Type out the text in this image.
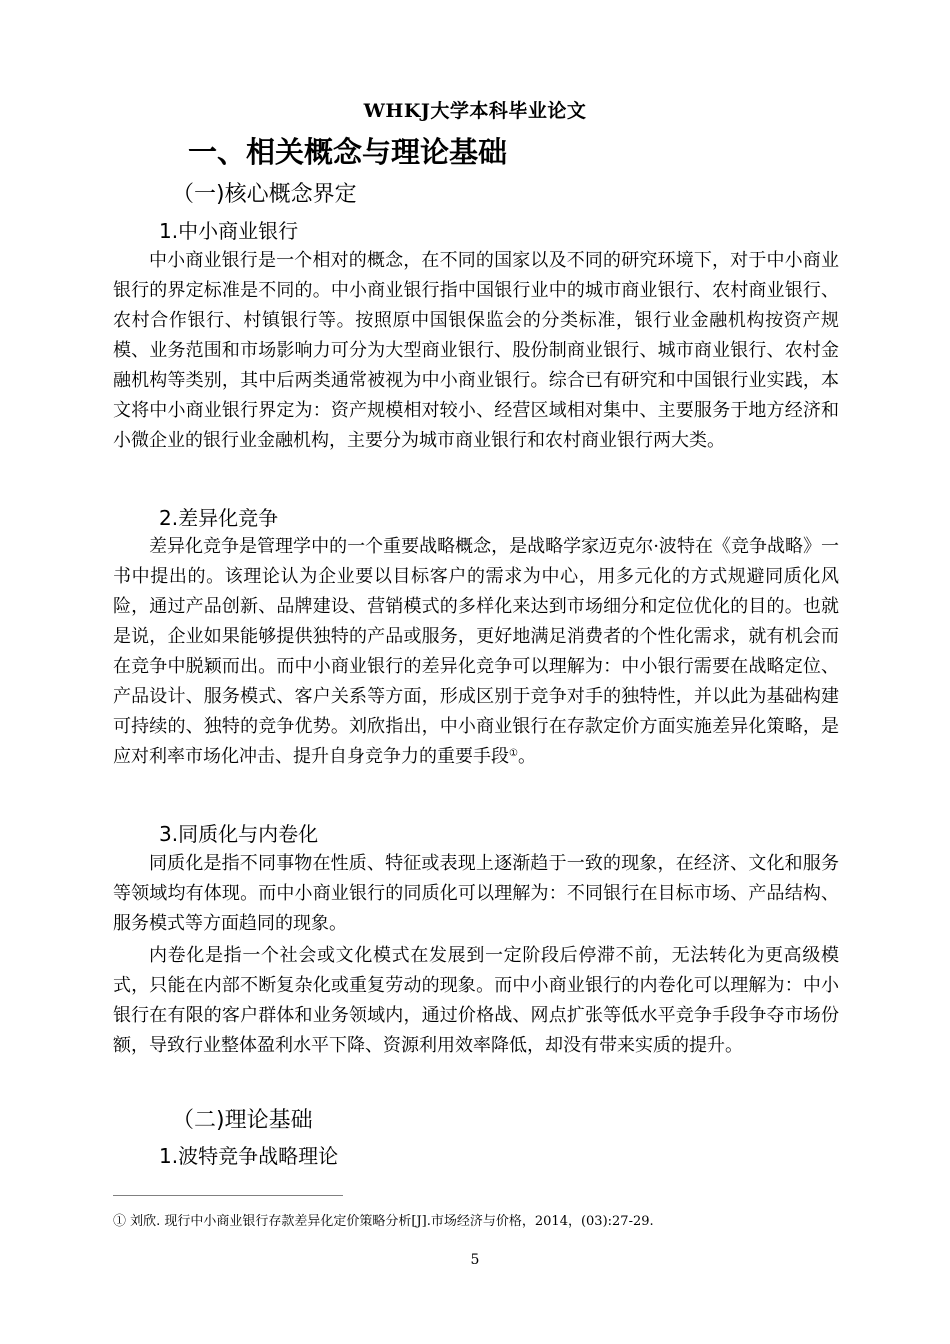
WHKJ大学本科毕业论文
一、相关概念与理论基础
（一)核心概念界定
1.中小商业银行

中小商业银行是一个相对的概念，在不同的国家以及不同的研究环境下，对于中小商业银行的界定标准是不同的。中小商业银行指中国银行业中的城市商业银行、农村商业银行、农村合作银行、村镇银行等。按照原中国银保监会的分类标准，银行业金融机构按资产规模、业务范围和市场影响力可分为大型商业银行、股份制商业银行、城市商业银行、农村金融机构等类别，其中后两类通常被视为中小商业银行。综合已有研究和中国银行业实践，本文将中小商业银行界定为：资产规模相对较小、经营区域相对集中、主要服务于地方经济和小微企业的银行业金融机构，主要分为城市商业银行和农村商业银行两大类。

2.差异化竞争

差异化竞争是管理学中的一个重要战略概念，是战略学家迈克尔·波特在《竞争战略》一书中提出的。该理论认为企业要以目标客户的需求为中心，用多元化的方式规避同质化风险，通过产品创新、品牌建设、营销模式的多样化来达到市场细分和定位优化的目的。也就是说，企业如果能够提供独特的产品或服务，更好地满足消费者的个性化需求，就有机会而在竞争中脱颖而出。而中小商业银行的差异化竞争可以理解为：中小银行需要在战略定位、产品设计、服务模式、客户关系等方面，形成区别于竞争对手的独特性，并以此为基础构建可持续的、独特的竞争优势。刘欣指出，中小商业银行在存款定价方面实施差异化策略，是应对利率市场化冲击、提升自身竞争力的重要手段①。

3.同质化与内卷化

同质化是指不同事物在性质、特征或表现上逐渐趋于一致的现象，在经济、文化和服务等领域均有体现。而中小商业银行的同质化可以理解为：不同银行在目标市场、产品结构、服务模式等方面趋同的现象。

内卷化是指一个社会或文化模式在发展到一定阶段后停滞不前，无法转化为更高级模式，只能在内部不断复杂化或重复劳动的现象。而中小商业银行的内卷化可以理解为：中小银行在有限的客户群体和业务领域内，通过价格战、网点扩张等低水平竞争手段争夺市场份额，导致行业整体盈利水平下降、资源利用效率降低，却没有带来实质的提升。

（二)理论基础
1.波特竞争战略理论
① 刘欣. 现行中小商业银行存款差异化定价策略分析[J].市场经济与价格，2014，(03):27-29.
5
